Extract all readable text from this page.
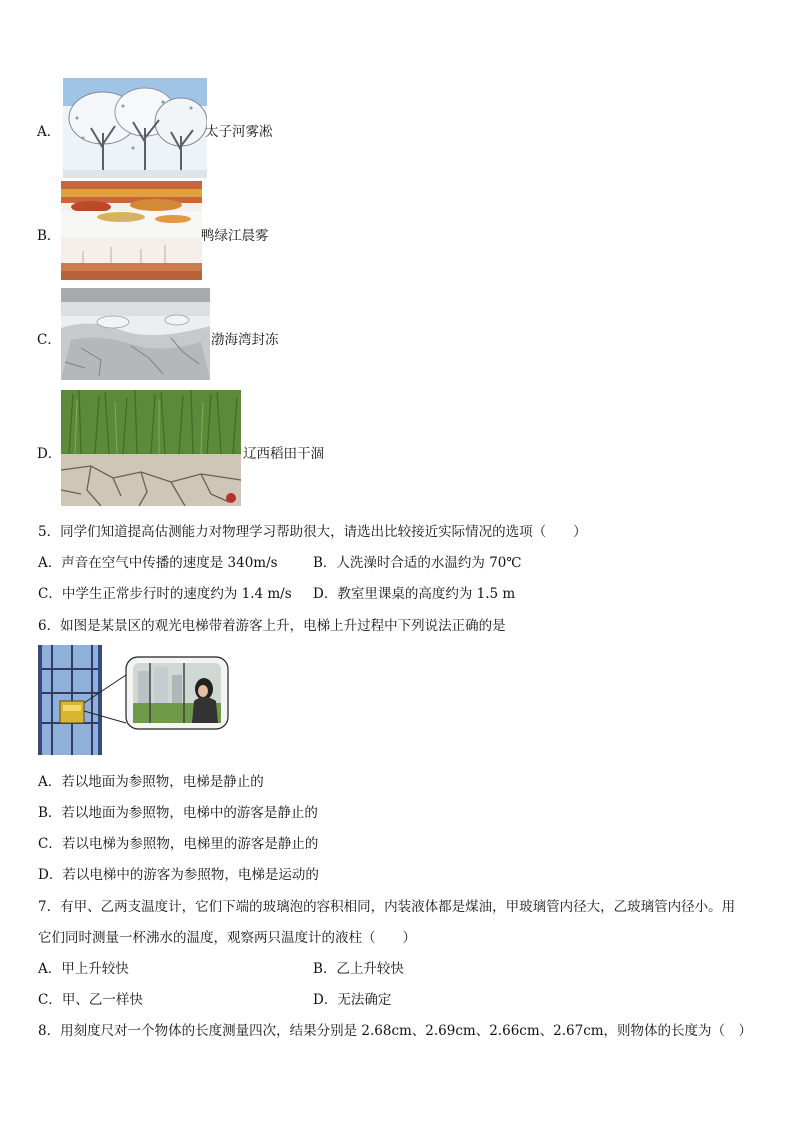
A．	太子河雾凇
B．	鸭绿江晨雾
C．	渤海湾封冻
D．	辽西稻田干涸
5．同学们知道提高估测能力对物理学习帮助很大，请选出比较接近实际情况的选项（　　）
A．声音在空气中传播的速度是 340m/s	B．人洗澡时合适的水温约为 70℃
C．中学生正常步行时的速度约为 1.4 m/s D．教室里课桌的高度约为 1.5 m
6．如图是某景区的观光电梯带着游客上升，电梯上升过程中下列说法正确的是
A．若以地面为参照物，电梯是静止的
B．若以地面为参照物，电梯中的游客是静止的
C．若以电梯为参照物，电梯里的游客是静止的
D．若以电梯中的游客为参照物，电梯是运动的
7．有甲、乙两支温度计，它们下端的玻璃泡的容积相同，内装液体都是煤油，甲玻璃管内径大，乙玻璃管内径小。用
它们同时测量一杯沸水的温度，观察两只温度计的液柱（　　）
A．甲上升较快	B．乙上升较快
C．甲、乙一样快	D．无法确定
8．用刻度尺对一个物体的长度测量四次，结果分别是 2.68cm、2.69cm、2.66cm、2.67cm，则物体的长度为（　）
